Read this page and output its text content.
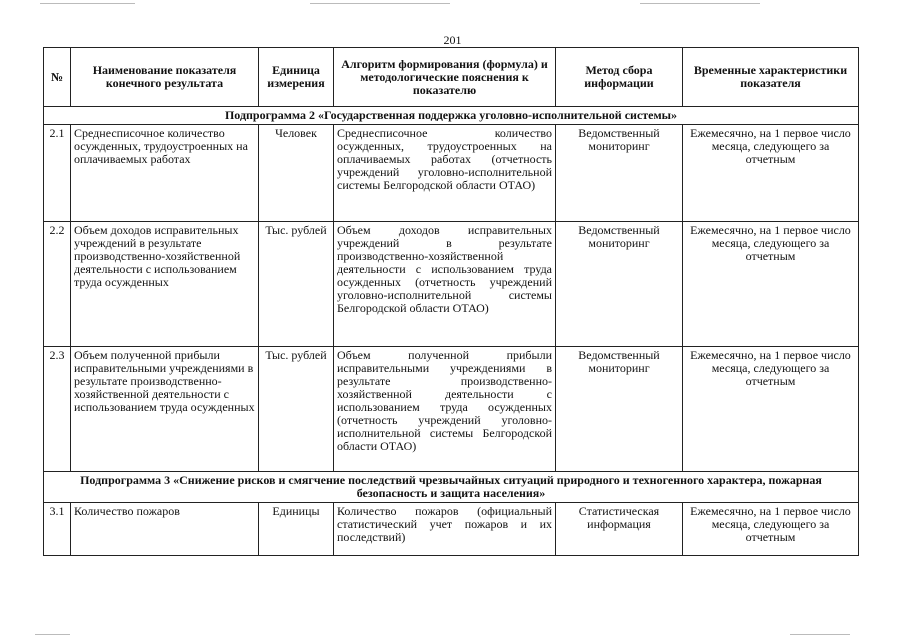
201
№	Наименование показателя конечного результата	Единица измерения	Алгоритм формирования (формула) и методологические пояснения к показателю	Метод сбора информации	Временные характеристики показателя
Подпрограмма 2 «Государственная поддержка уголовно-исполнительной системы»					
2.1	Среднесписочное количество осужденных, трудоустроенных на оплачиваемых работах	Человек	Среднесписочное количество осужденных, трудоустроенных на оплачиваемых работах (отчетность учреждений уголовно-исполнительной системы Белгородской области ОТАО)	Ведомственный мониторинг	Ежемесячно, на 1 первое число месяца, следующего за отчетным
2.2	Объем доходов исправительных учреждений в результате производственно-хозяйственной деятельности с использованием труда осужденных	Тыс. рублей	Объем доходов исправительных учреждений в результате производственно-хозяйственной деятельности с использованием труда осужденных (отчетность учреждений уголовно-исполнительной системы Белгородской области ОТАО)	Ведомственный мониторинг	Ежемесячно, на 1 первое число месяца, следующего за отчетным
2.3	Объем полученной прибыли исправительными учреждениями в результате производственно-хозяйственной деятельности с использованием труда осужденных	Тыс. рублей	Объем полученной прибыли исправительными учреждениями в результате производственно-хозяйственной деятельности с использованием труда осужденных (отчетность учреждений уголовно-исполнительной системы Белгородской области ОТАО)	Ведомственный мониторинг	Ежемесячно, на 1 первое число месяца, следующего за отчетным
Подпрограмма 3 «Снижение рисков и смягчение последствий чрезвычайных ситуаций природного и техногенного характера, пожарная безопасность и защита населения»					
3.1	Количество пожаров	Единицы	Количество пожаров (официальный статистический учет пожаров и их последствий)	Статистическая информация	Ежемесячно, на 1 первое число месяца, следующего за отчетным
